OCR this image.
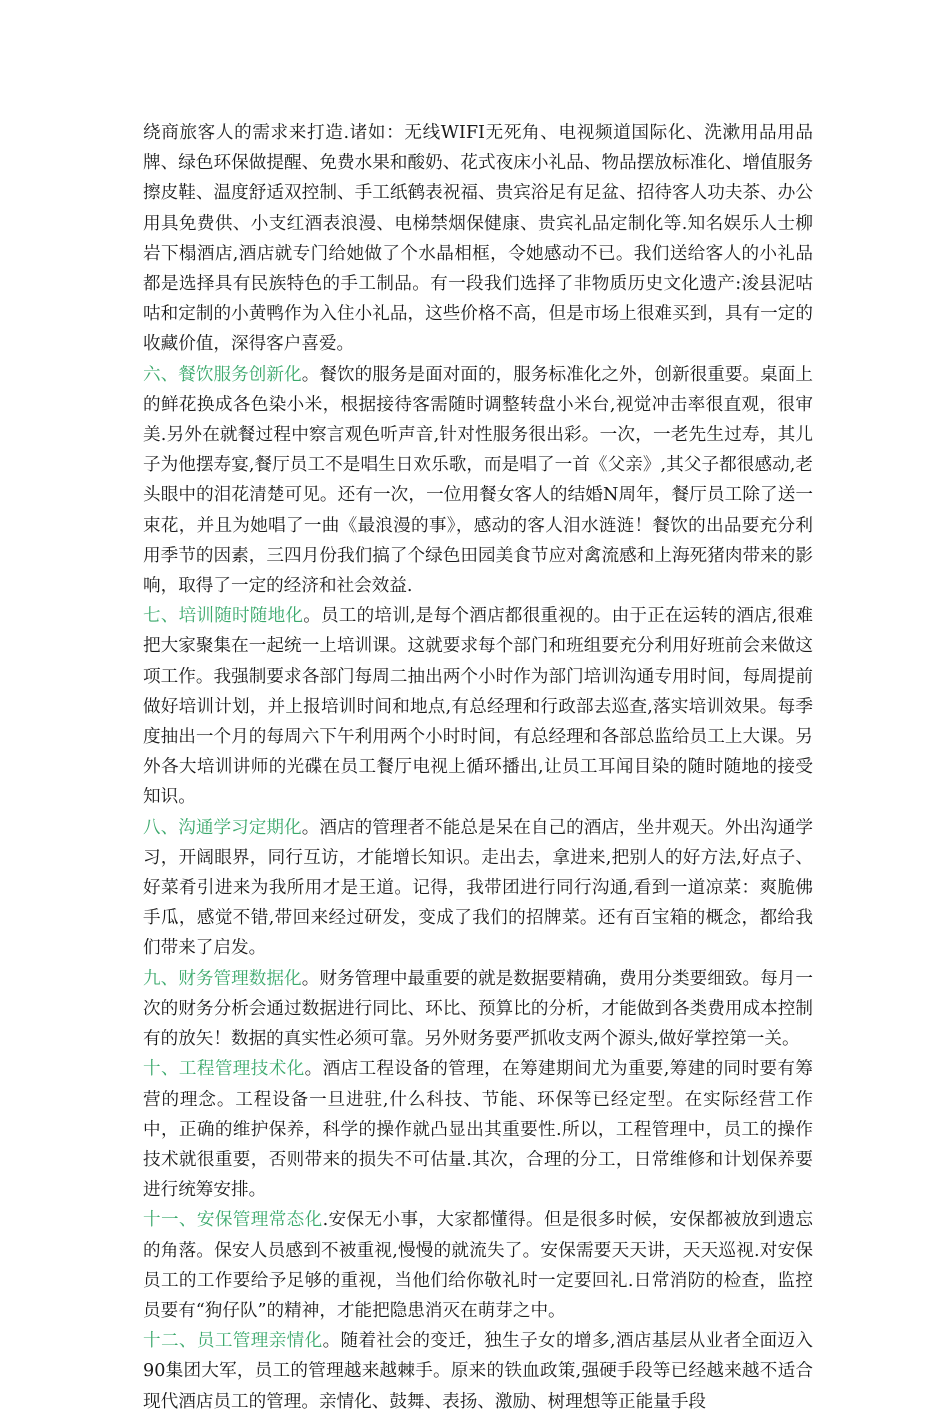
绕商旅客人的需求来打造.诸如：无线WIFI无死角、电视频道国际化、洗漱用品用品牌、绿色环保做提醒、免费水果和酸奶、花式夜床小礼品、物品摆放标准化、增值服务擦皮鞋、温度舒适双控制、手工纸鹤表祝福、贵宾浴足有足盆、招待客人功夫茶、办公用具免费供、小支红酒表浪漫、电梯禁烟保健康、贵宾礼品定制化等.知名娱乐人士柳岩下榻酒店,酒店就专门给她做了个水晶相框，令她感动不已。我们送给客人的小礼品都是选择具有民族特色的手工制品。有一段我们选择了非物质历史文化遗产:浚县泥咕咕和定制的小黄鸭作为入住小礼品，这些价格不高，但是市场上很难买到，具有一定的收藏价值，深得客户喜爱。

六、餐饮服务创新化。餐饮的服务是面对面的，服务标准化之外，创新很重要。桌面上的鲜花换成各色染小米，根据接待客需随时调整转盘小米台,视觉冲击率很直观，很审美.另外在就餐过程中察言观色听声音,针对性服务很出彩。一次，一老先生过寿，其儿子为他摆寿宴,餐厅员工不是唱生日欢乐歌，而是唱了一首《父亲》,其父子都很感动,老头眼中的泪花清楚可见。还有一次，一位用餐女客人的结婚N周年，餐厅员工除了送一束花，并且为她唱了一曲《最浪漫的事》，感动的客人泪水涟涟！餐饮的出品要充分利用季节的因素，三四月份我们搞了个绿色田园美食节应对禽流感和上海死猪肉带来的影响，取得了一定的经济和社会效益.

七、培训随时随地化。员工的培训,是每个酒店都很重视的。由于正在运转的酒店,很难把大家聚集在一起统一上培训课。这就要求每个部门和班组要充分利用好班前会来做这项工作。我强制要求各部门每周二抽出两个小时作为部门培训沟通专用时间，每周提前做好培训计划，并上报培训时间和地点,有总经理和行政部去巡查,落实培训效果。每季度抽出一个月的每周六下午利用两个小时时间，有总经理和各部总监给员工上大课。另外各大培训讲师的光碟在员工餐厅电视上循环播出,让员工耳闻目染的随时随地的接受知识。

八、沟通学习定期化。酒店的管理者不能总是呆在自己的酒店，坐井观天。外出沟通学习，开阔眼界，同行互访，才能增长知识。走出去，拿进来,把别人的好方法,好点子、好菜肴引进来为我所用才是王道。记得，我带团进行同行沟通,看到一道凉菜：爽脆佛手瓜，感觉不错,带回来经过研发，变成了我们的招牌菜。还有百宝箱的概念，都给我们带来了启发。

九、财务管理数据化。财务管理中最重要的就是数据要精确，费用分类要细致。每月一次的财务分析会通过数据进行同比、环比、预算比的分析，才能做到各类费用成本控制有的放矢！数据的真实性必须可靠。另外财务要严抓收支两个源头,做好掌控第一关。

十、工程管理技术化。酒店工程设备的管理，在筹建期间尤为重要,筹建的同时要有筹营的理念。工程设备一旦进驻,什么科技、节能、环保等已经定型。在实际经营工作中，正确的维护保养，科学的操作就凸显出其重要性.所以，工程管理中，员工的操作技术就很重要，否则带来的损失不可估量.其次，合理的分工，日常维修和计划保养要进行统筹安排。

十一、安保管理常态化.安保无小事，大家都懂得。但是很多时候，安保都被放到遗忘的角落。保安人员感到不被重视,慢慢的就流失了。安保需要天天讲，天天巡视.对安保员工的工作要给予足够的重视，当他们给你敬礼时一定要回礼.日常消防的检查，监控员要有“狗仔队”的精神，才能把隐患消灭在萌芽之中。

十二、员工管理亲情化。随着社会的变迁，独生子女的增多,酒店基层从业者全面迈入90集团大军，员工的管理越来越棘手。原来的铁血政策,强硬手段等已经越来越不适合现代酒店员工的管理。亲情化、鼓舞、表扬、激励、树理想等正能量手段
